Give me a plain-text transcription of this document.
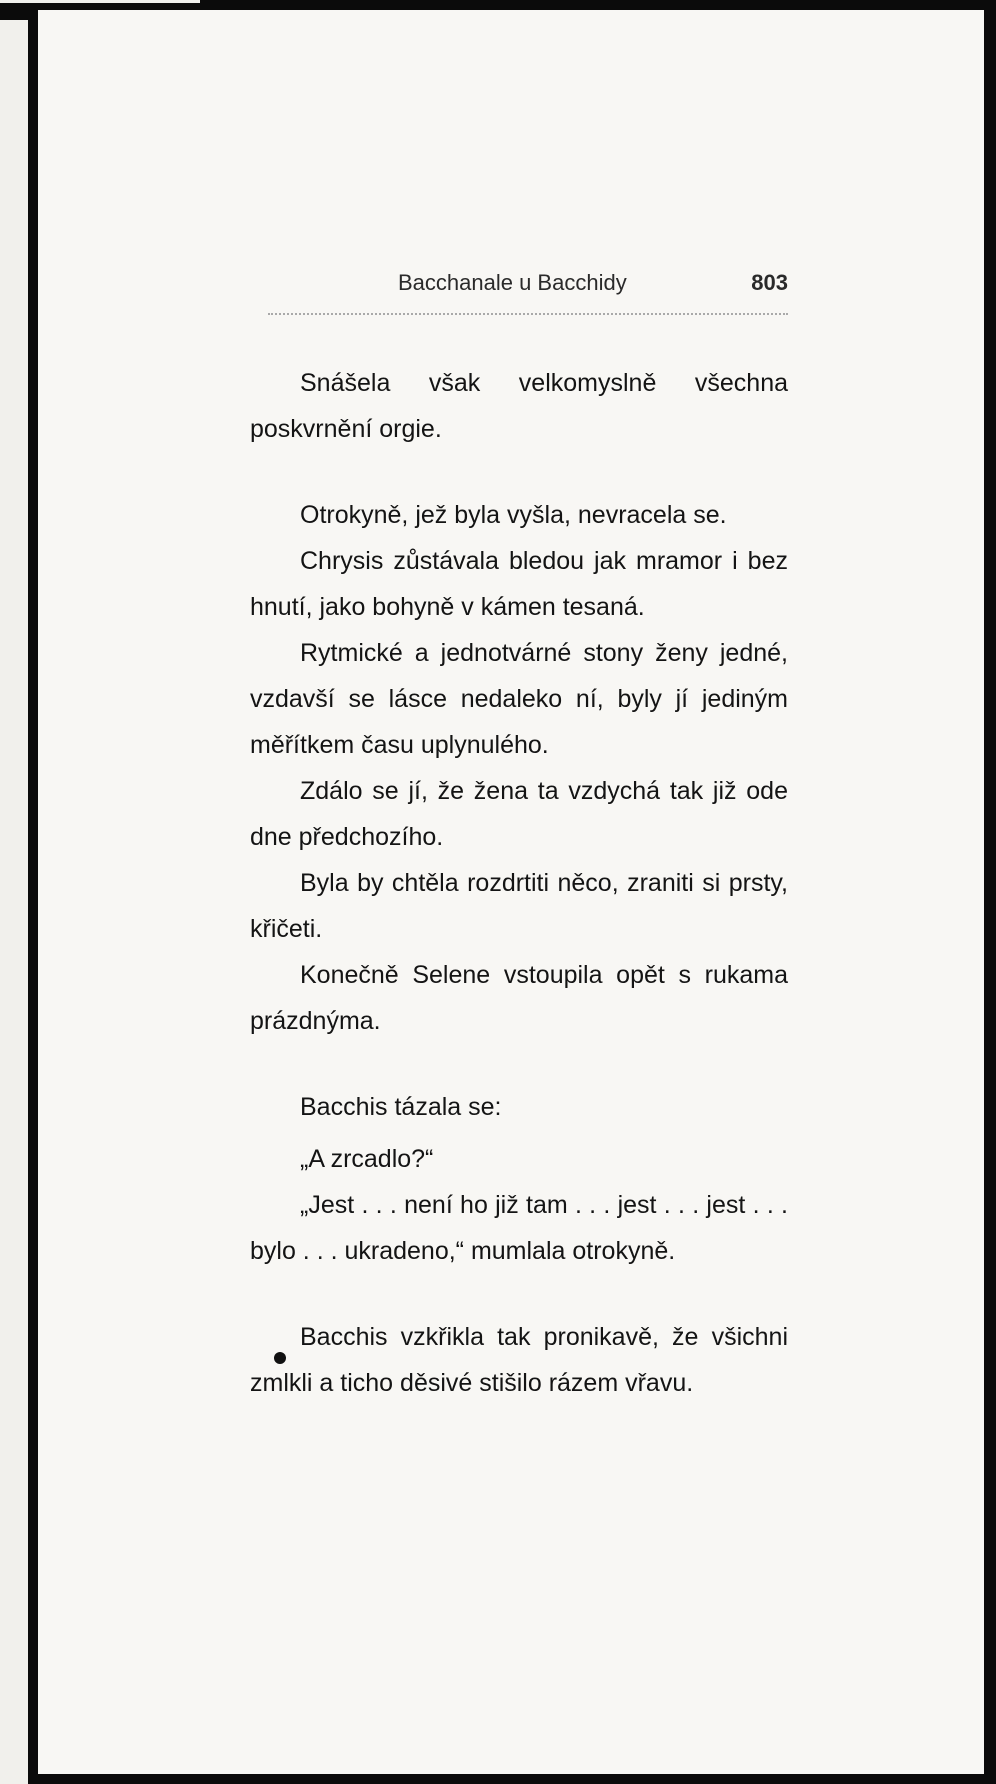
Bacchanale u Bacchidy	803

Snášela však velkomyslně všechna poskvrnění orgie.

Otrokyně, jež byla vyšla, nevracela se.

Chrysis zůstávala bledou jak mramor i bez hnutí, jako bohyně v kámen tesaná.

Rytmické a jednotvárné stony ženy jedné, vzdavší se lásce nedaleko ní, byly jí jediným měřítkem času uplynulého.

Zdálo se jí, že žena ta vzdychá tak již ode dne předchozího.

Byla by chtěla rozdrtiti něco, zraniti si prsty, křičeti.

Konečně Selene vstoupila opět s rukama prázdnýma.

Bacchis tázala se:

„A zrcadlo?“

„Jest . . . není ho již tam . . . jest . . . jest . . . bylo . . . ukradeno,“ mumlala otrokyně.

Bacchis vzkřikla tak pronikavě, že všichni zmlkli a ticho děsivé stišilo rázem vřavu.
